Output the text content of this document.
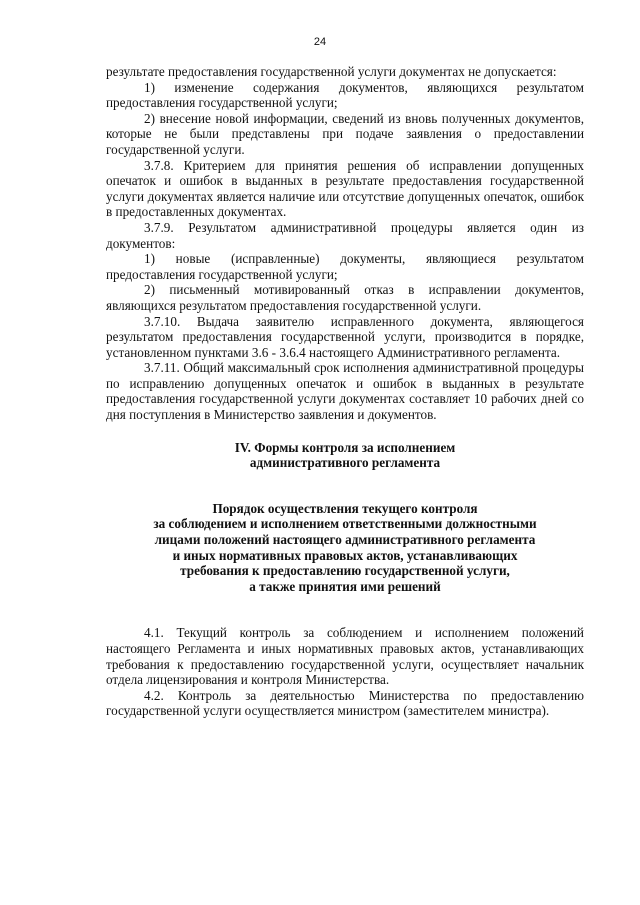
24

результате предоставления государственной услуги документах не допускается:

1) изменение содержания документов, являющихся результатом предоставления государственной услуги;

2) внесение новой информации, сведений из вновь полученных документов, которые не были представлены при подаче заявления о предоставлении государственной услуги.

3.7.8. Критерием для принятия решения об исправлении допущенных опечаток и ошибок в выданных в результате предоставления государственной услуги документах является наличие или отсутствие допущенных опечаток, ошибок в предоставленных документах.

3.7.9. Результатом административной процедуры является один из документов:

1) новые (исправленные) документы, являющиеся результатом предоставления государственной услуги;

2) письменный мотивированный отказ в исправлении документов, являющихся результатом предоставления государственной услуги.

3.7.10. Выдача заявителю исправленного документа, являющегося результатом предоставления государственной услуги, производится в порядке, установленном пунктами 3.6 - 3.6.4 настоящего Административного регламента.

3.7.11. Общий максимальный срок исполнения административной процедуры по исправлению допущенных опечаток и ошибок в выданных в результате предоставления государственной услуги документах составляет 10 рабочих дней со дня поступления в Министерство заявления и документов.

IV. Формы контроля за исполнением

административного регламента

Порядок осуществления текущего контроля

за соблюдением и исполнением ответственными должностными

лицами положений настоящего административного регламента

и иных нормативных правовых актов, устанавливающих

требования к предоставлению государственной услуги,

а также принятия ими решений

4.1. Текущий контроль за соблюдением и исполнением положений настоящего Регламента и иных нормативных правовых актов, устанавливающих требования к предоставлению государственной услуги, осуществляет начальник отдела лицензирования и контроля Министерства.

4.2. Контроль за деятельностью Министерства по предоставлению государственной услуги осуществляется министром (заместителем министра).
